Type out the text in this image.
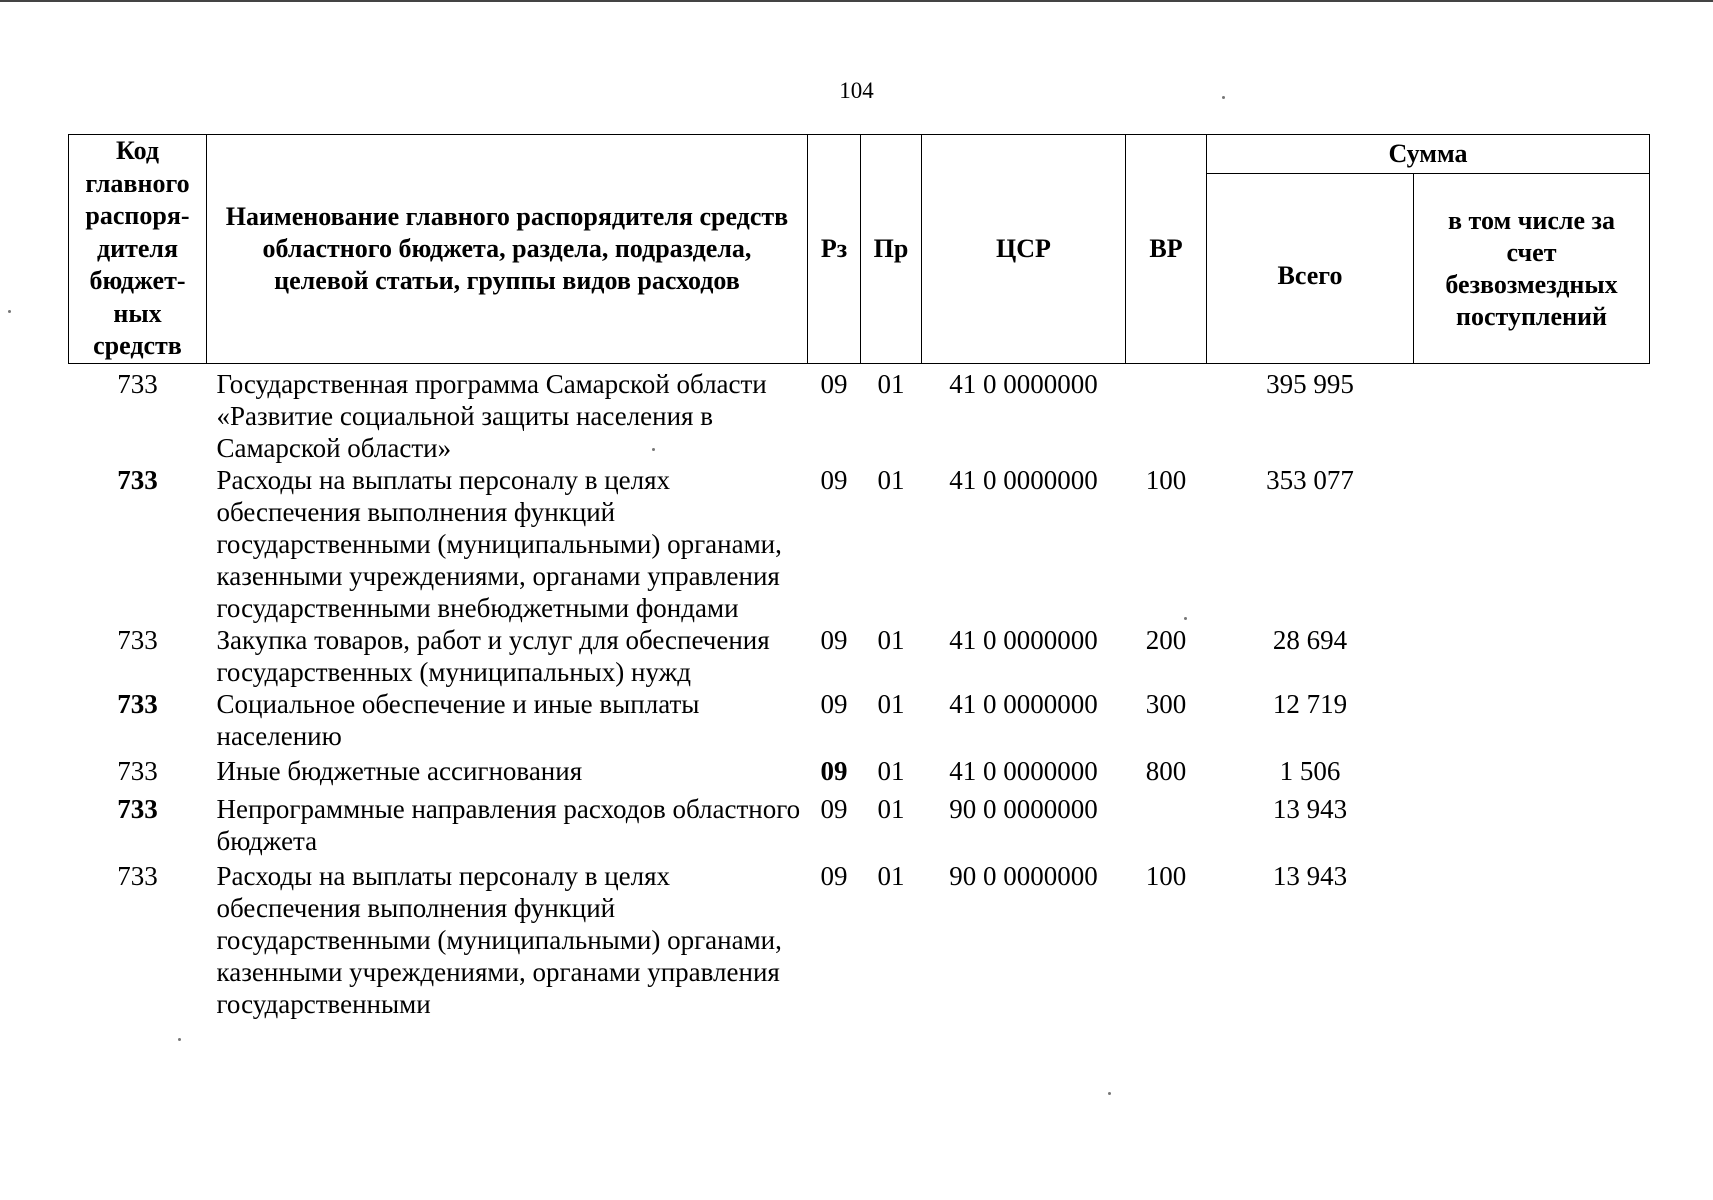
104
Код главного распоря- дителя бюджет- ных средств	Наименование главного распорядителя средств областного бюджета, раздела, подраздела, целевой статьи, группы видов расходов	Рз	Пр	ЦСР	ВР	Сумма	
						Всего	в том числе за счет безвозмездных поступлений

733	Государственная программа Самарской области «Развитие социальной защиты населения в Самарской области»	09	01	41 0 0000000		395 995	
733	Расходы на выплаты персоналу в целях обеспечения выполнения функций государственными (муниципальными) органами, казенными учреждениями, органами управления государственными внебюджетными фондами	09	01	41 0 0000000	100	353 077	
733	Закупка товаров, работ и услуг для обеспечения государственных (муниципальных) нужд	09	01	41 0 0000000	200	28 694	
733	Социальное обеспечение и иные выплаты населению	09	01	41 0 0000000	300	12 719	
733	Иные бюджетные ассигнования	09	01	41 0 0000000	800	1 506	
733	Непрограммные направления расходов областного бюджета	09	01	90 0 0000000		13 943	
733	Расходы на выплаты персоналу в целях обеспечения выполнения функций государственными (муниципальными) органами, казенными учреждениями, органами управления государственными	09	01	90 0 0000000	100	13 943	
